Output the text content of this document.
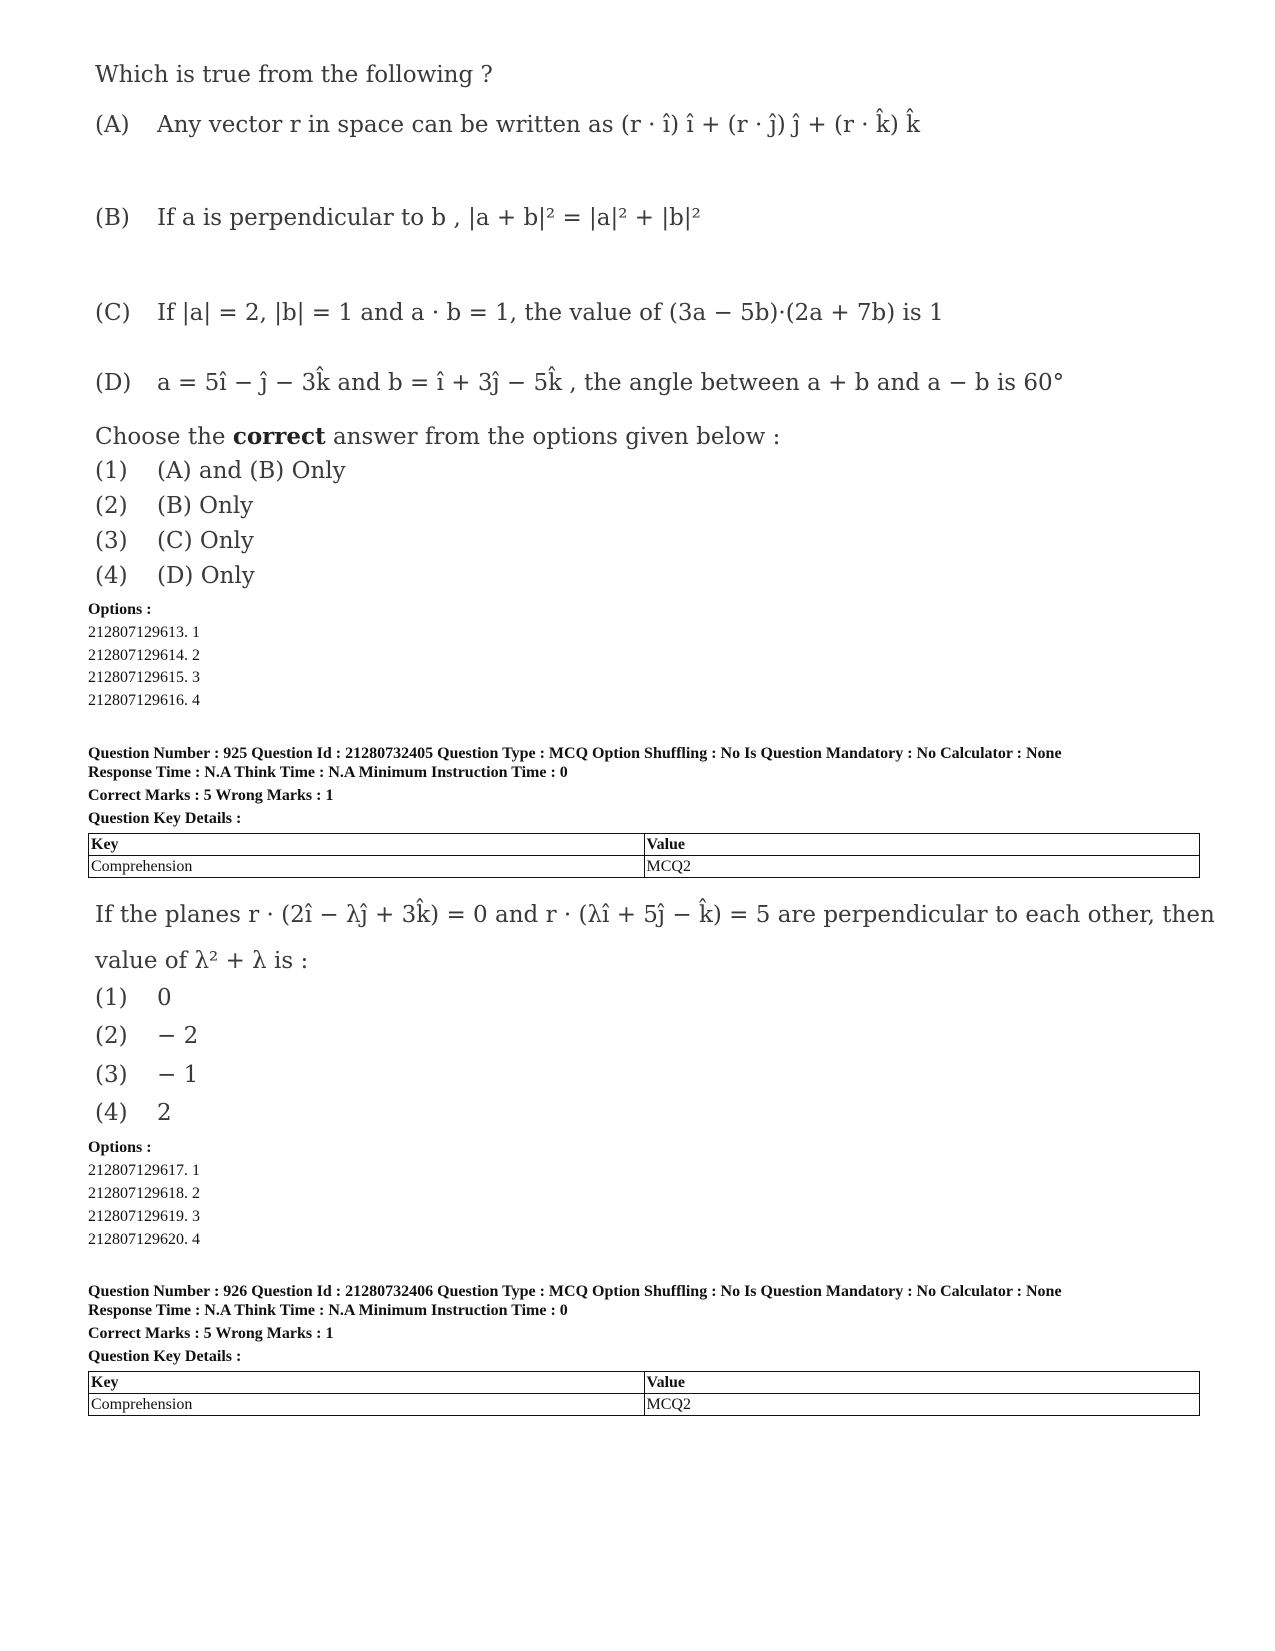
Which is true from the following ?
(A)	Any vector r in space can be written as (r · î) î + (r · ĵ) ĵ + (r · k̂) k̂
(B)	If a is perpendicular to b , |a + b|² = |a|² + |b|²
(C)	If |a| = 2, |b| = 1 and a · b = 1, the value of (3a − 5b)·(2a + 7b) is 1
(D)	a = 5î − ĵ − 3k̂ and b = î + 3ĵ − 5k̂ , the angle between a + b and a − b is 60°
Choose the correct answer from the options given below :
(1) (A) and (B) Only
(2) (B) Only
(3) (C) Only
(4) (D) Only
Options :
212807129613. 1
212807129614. 2
212807129615. 3
212807129616. 4
Question Number : 925 Question Id : 21280732405 Question Type : MCQ Option Shuffling : No Is Question Mandatory : No Calculator : None
Response Time : N.A Think Time : N.A Minimum Instruction Time : 0
Correct Marks : 5 Wrong Marks : 1
Question Key Details :
Key	Value
Comprehension	MCQ2
If the planes r · (2î − λĵ + 3k̂) = 0 and r · (λî + 5ĵ − k̂) = 5 are perpendicular to each other, then
value of λ² + λ is :
(1) 0
(2) − 2
(3) − 1
(4) 2
Options :
212807129617. 1
212807129618. 2
212807129619. 3
212807129620. 4
Question Number : 926 Question Id : 21280732406 Question Type : MCQ Option Shuffling : No Is Question Mandatory : No Calculator : None
Response Time : N.A Think Time : N.A Minimum Instruction Time : 0
Correct Marks : 5 Wrong Marks : 1
Question Key Details :
Key	Value
Comprehension	MCQ2
